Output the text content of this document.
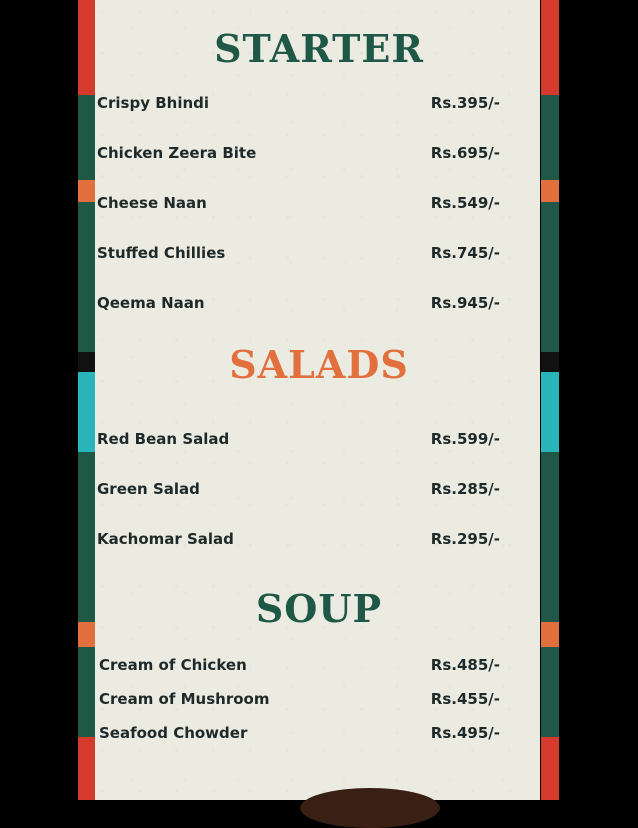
STARTER
Crispy Bhindi	Rs.395/-
Chicken Zeera Bite	Rs.695/-
Cheese Naan	Rs.549/-
Stuffed Chillies	Rs.745/-
Qeema Naan	Rs.945/-
SALADS
Red Bean Salad	Rs.599/-
Green Salad	Rs.285/-
Kachomar Salad	Rs.295/-
SOUP
Cream of Chicken	Rs.485/-
Cream of Mushroom	Rs.455/-
Seafood Chowder	Rs.495/-
